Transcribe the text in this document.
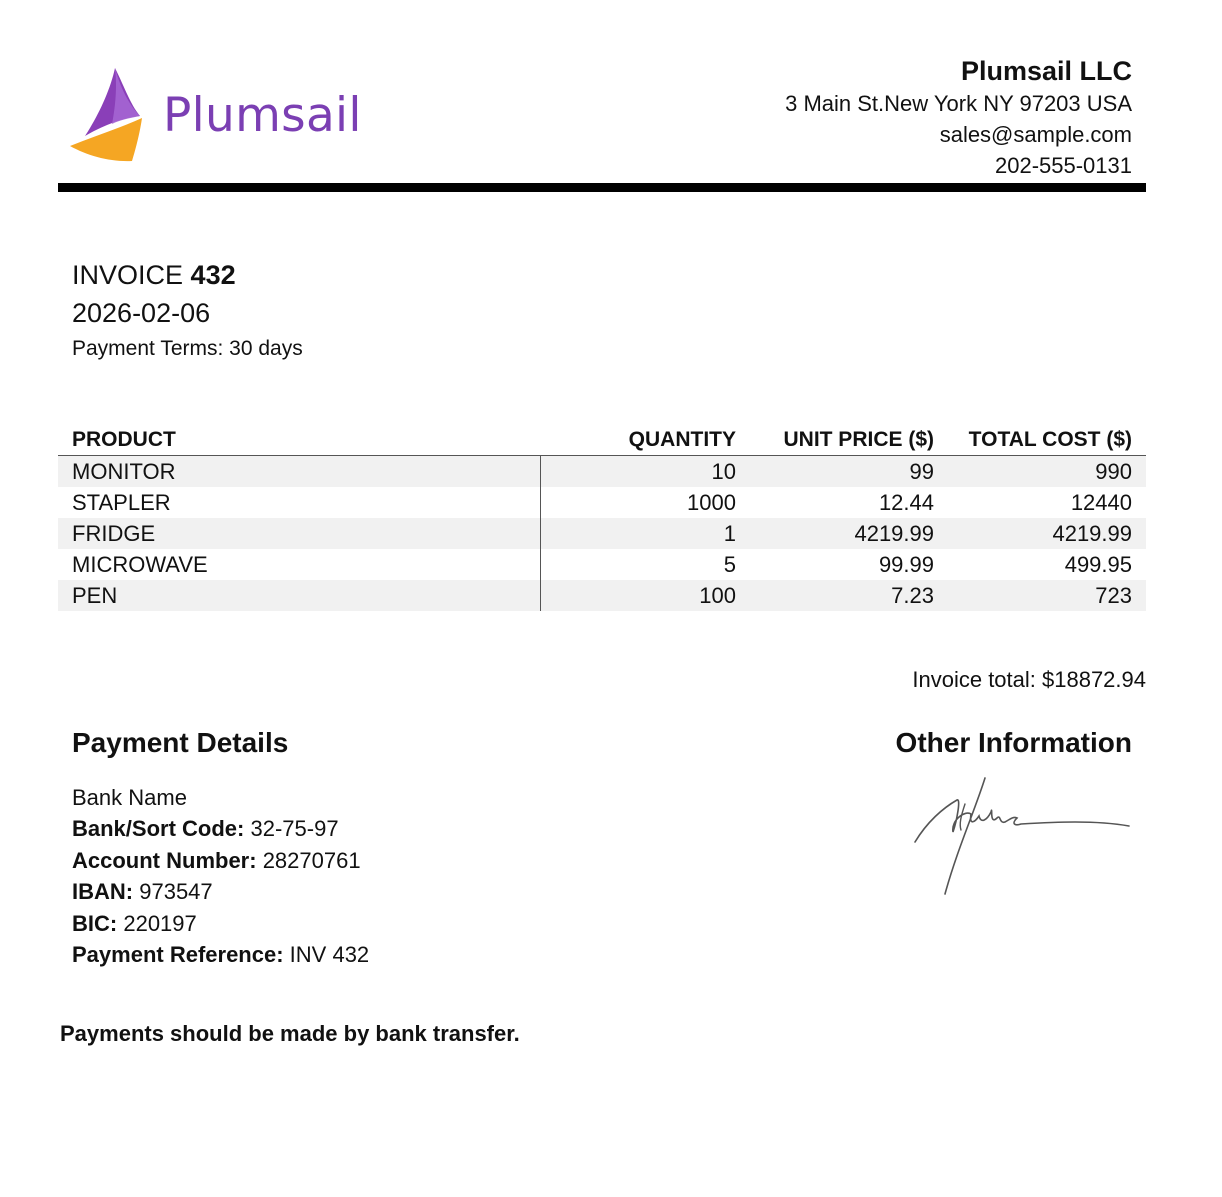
Plumsail
Plumsail LLC
3 Main St.New York NY 97203 USA
sales@sample.com
202-555-0131
INVOICE 432
2026-02-06
Payment Terms: 30 days
PRODUCT	QUANTITY	UNIT PRICE ($)	TOTAL COST ($)
MONITOR	10	99	990
STAPLER	1000	12.44	12440
FRIDGE	1	4219.99	4219.99
MICROWAVE	5	99.99	499.95
PEN	100	7.23	723
Invoice total: $18872.94
Payment Details
Bank Name
Bank/Sort Code: 32-75-97
Account Number: 28270761
IBAN: 973547
BIC: 220197
Payment Reference: INV 432
Other Information
Payments should be made by bank transfer.
